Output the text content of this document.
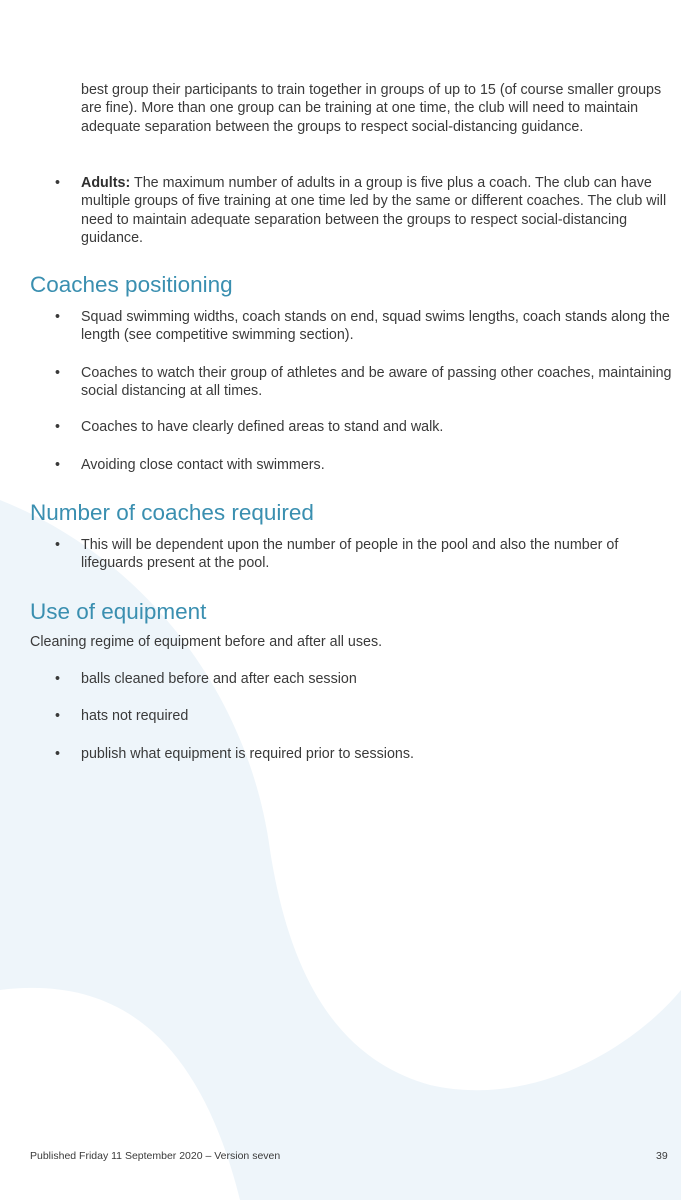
best group their participants to train together in groups of up to 15 (of course smaller groups are fine). More than one group can be training at one time, the club will need to maintain adequate separation between the groups to respect social-distancing guidance.
•	Adults: The maximum number of adults in a group is five plus a coach. The club can have multiple groups of five training at one time led by the same or different coaches. The club will need to maintain adequate separation between the groups to respect social-distancing guidance.
Coaches positioning
•	Squad swimming widths, coach stands on end, squad swims lengths, coach stands along the length (see competitive swimming section).
•	Coaches to watch their group of athletes and be aware of passing other coaches, maintaining social distancing at all times.
•	Coaches to have clearly defined areas to stand and walk.
•	Avoiding close contact with swimmers.
Number of coaches required
•	This will be dependent upon the number of people in the pool and also the number of lifeguards present at the pool.
Use of equipment
Cleaning regime of equipment before and after all uses.
•	balls cleaned before and after each session
•	hats not required
•	publish what equipment is required prior to sessions.
Published Friday 11 September 2020 – Version seven	39
